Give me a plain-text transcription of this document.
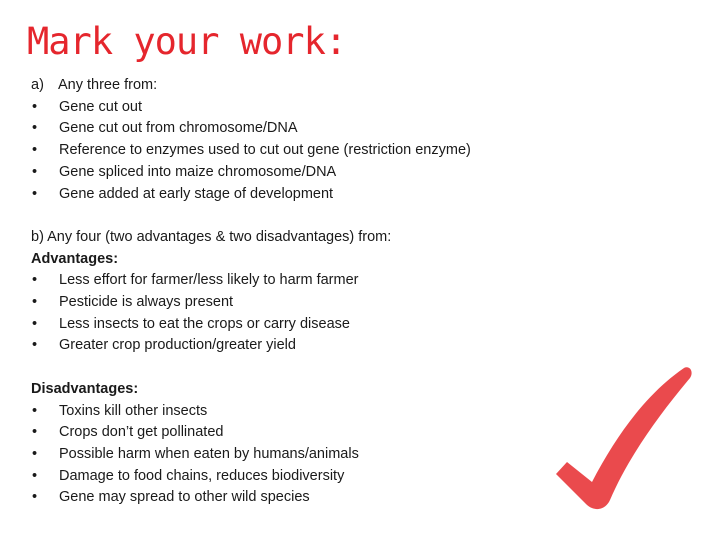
Mark your work:
a) Any three from:
•	Gene cut out
•	Gene cut out from chromosome/DNA
•	Reference to enzymes used to cut out gene (restriction enzyme)
•	Gene spliced into maize chromosome/DNA
•	Gene added at early stage of development
b) Any four (two advantages & two disadvantages) from:
Advantages:
•	Less effort for farmer/less likely to harm farmer
•	Pesticide is always present
•	Less insects to eat the crops or carry disease
•	Greater crop production/greater yield
Disadvantages:
•	Toxins kill other insects
•	Crops don’t get pollinated
•	Possible harm when eaten by humans/animals
•	Damage to food chains, reduces biodiversity
•	Gene may spread to other wild species
